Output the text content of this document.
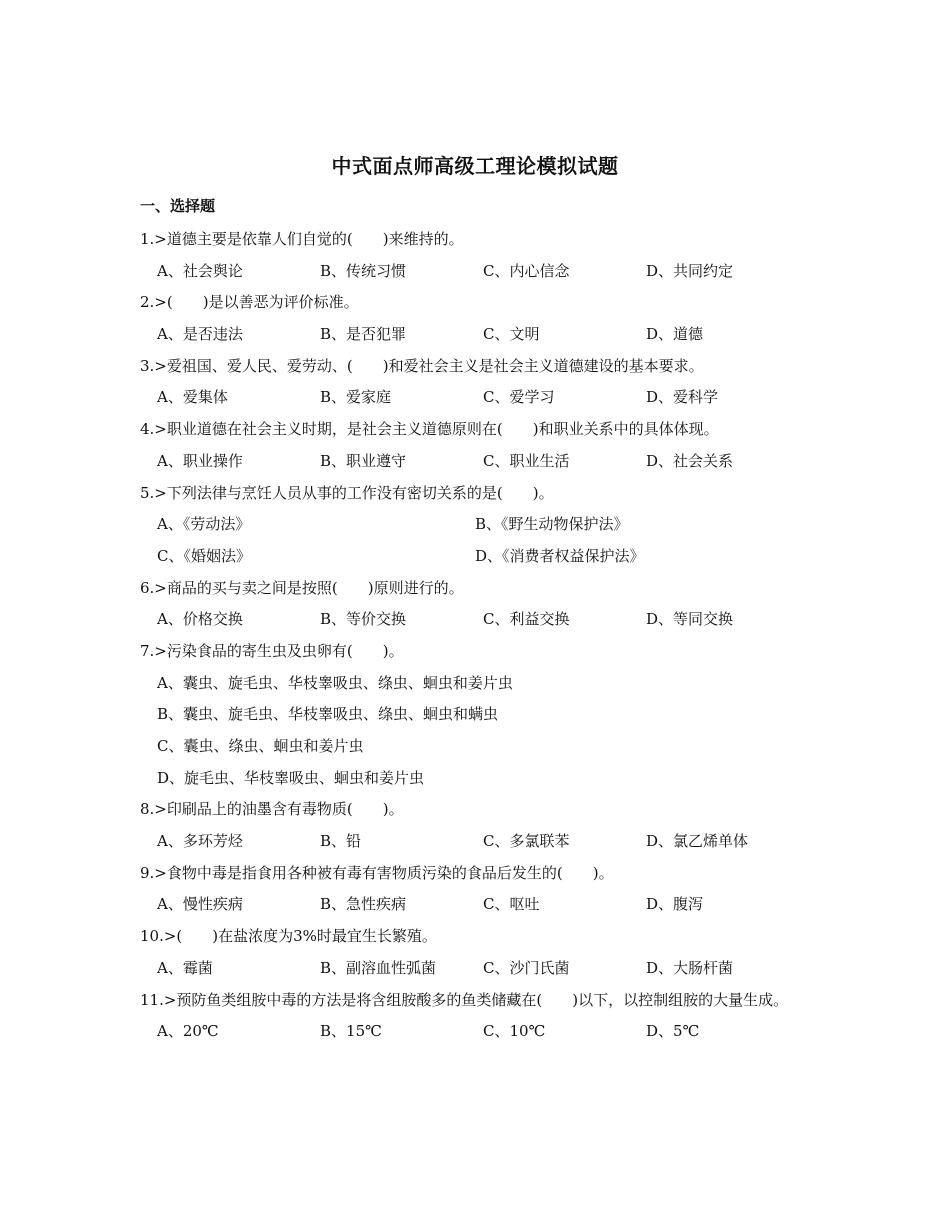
中式面点师高级工理论模拟试题
一、选择题
1.>道德主要是依靠人们自觉的(　　)来维持的。
A、社会舆论	B、传统习惯	C、内心信念	D、共同约定
2.>(　　)是以善恶为评价标准。
A、是否违法	B、是否犯罪	C、文明	D、道德
3.>爱祖国、爱人民、爱劳动、(　　)和爱社会主义是社会主义道德建设的基本要求。
A、爱集体	B、爱家庭	C、爱学习	D、爱科学
4.>职业道德在社会主义时期，是社会主义道德原则在(　　)和职业关系中的具体体现。
A、职业操作	B、职业遵守	C、职业生活	D、社会关系
5.>下列法律与烹饪人员从事的工作没有密切关系的是(　　)。
A、《劳动法》	B、《野生动物保护法》
C、《婚姻法》	D、《消费者权益保护法》
6.>商品的买与卖之间是按照(　　)原则进行的。
A、价格交换	B、等价交换	C、利益交换	D、等同交换
7.>污染食品的寄生虫及虫卵有(　　)。
A、囊虫、旋毛虫、华枝睾吸虫、绦虫、蛔虫和姜片虫
B、囊虫、旋毛虫、华枝睾吸虫、绦虫、蛔虫和螨虫
C、囊虫、绦虫、蛔虫和姜片虫
D、旋毛虫、华枝睾吸虫、蛔虫和姜片虫
8.>印刷品上的油墨含有毒物质(　　)。
A、多环芳烃	B、铅	C、多氯联苯	D、氯乙烯单体
9.>食物中毒是指食用各种被有毒有害物质污染的食品后发生的(　　)。
A、慢性疾病	B、急性疾病	C、呕吐	D、腹泻
10.>(　　)在盐浓度为3%时最宜生长繁殖。
A、霉菌	B、副溶血性弧菌	C、沙门氏菌	D、大肠杆菌
11.>预防鱼类组胺中毒的方法是将含组胺酸多的鱼类储藏在(　　)以下，以控制组胺的大量生成。
A、20℃	B、15℃	C、10℃	D、5℃
